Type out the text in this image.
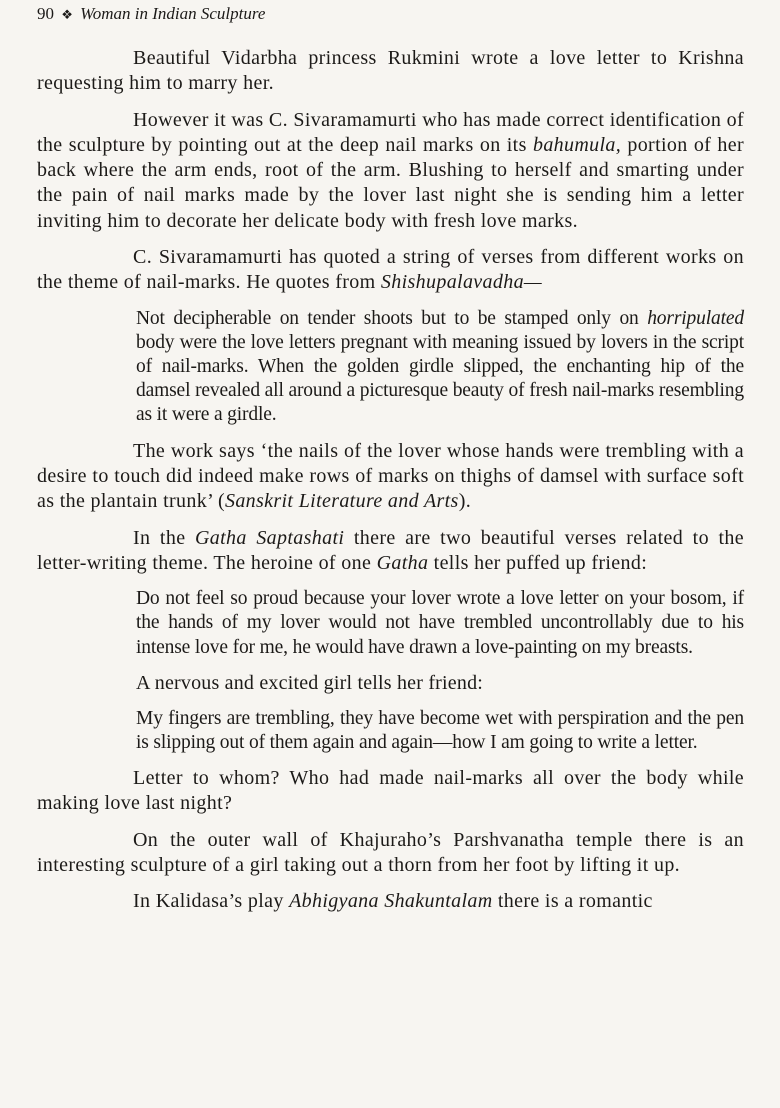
90 ❖ Woman in Indian Sculpture

Beautiful Vidarbha princess Rukmini wrote a love letter to Krishna requesting him to marry her.

However it was C. Sivaramamurti who has made correct identification of the sculpture by pointing out at the deep nail marks on its bahumula, portion of her back where the arm ends, root of the arm. Blushing to herself and smarting under the pain of nail marks made by the lover last night she is sending him a letter inviting him to decorate her delicate body with fresh love marks.

C. Sivaramamurti has quoted a string of verses from different works on the theme of nail-marks. He quotes from Shishupalavadha—

Not decipherable on tender shoots but to be stamped only on horripulated body were the love letters pregnant with meaning issued by lovers in the script of nail-marks. When the golden girdle slipped, the enchanting hip of the damsel revealed all around a picturesque beauty of fresh nail-marks resembling as it were a girdle.

The work says ‘the nails of the lover whose hands were trembling with a desire to touch did indeed make rows of marks on thighs of damsel with surface soft as the plantain trunk’ (Sanskrit Literature and Arts).

In the Gatha Saptashati there are two beautiful verses related to the letter-writing theme. The heroine of one Gatha tells her puffed up friend:

Do not feel so proud because your lover wrote a love letter on your bosom, if the hands of my lover would not have trembled uncontrollably due to his intense love for me, he would have drawn a love-painting on my breasts.

A nervous and excited girl tells her friend:

My fingers are trembling, they have become wet with perspiration and the pen is slipping out of them again and again—how I am going to write a letter.

Letter to whom? Who had made nail-marks all over the body while making love last night?

On the outer wall of Khajuraho’s Parshvanatha temple there is an interesting sculpture of a girl taking out a thorn from her foot by lifting it up.

In Kalidasa’s play Abhigyana Shakuntalam there is a romantic
